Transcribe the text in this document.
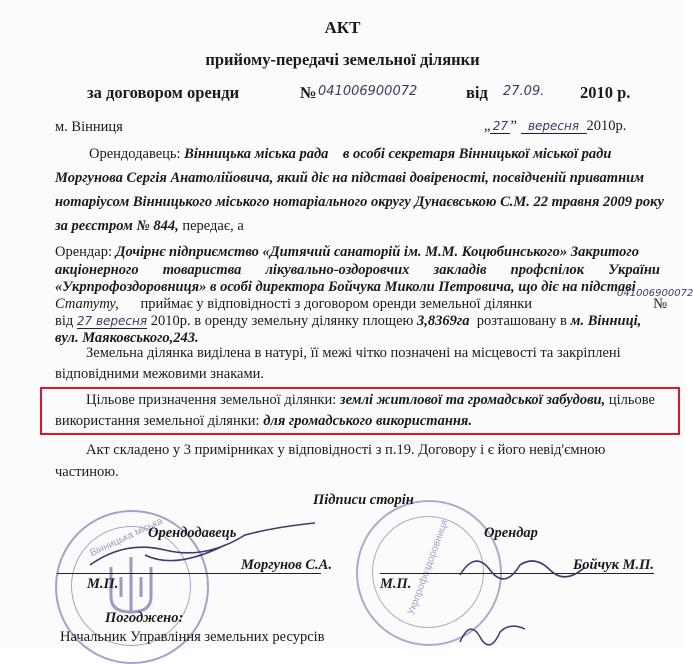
АКТ
прийому-передачі земельної ділянки
за договором оренди	№ 041006900072	від 27.09. 2010 р.
м. Вінниця	„ 27 ” вересня 2010р.
Орендодавець: Вінницька міська рада в особі секретаря Вінницької міської ради
Моргунова Сергія Анатолійовича, який діє на підставі довіреності, посвідченій приватним
нотаріусом Вінницького міського нотаріального округу Дунаєвською С.М. 22 травня 2009 року
за реєстром № 844, передає, а
Орендар: Дочірнє підприємство «Дитячий санаторій ім. М.М. Коцюбинського» Закритого
акціонерного товариства лікувально-оздоровчих закладів профспілок України
«Укрпрофоздоровниця» в особі директора Бойчука Миколи Петровича, що діє на підставі
Статуту, приймає у відповідності з договором оренди земельної ділянки	№
041006900072
від 27 вересня 2010р. в оренду земельну ділянку площею 3,8369га розташовану в м. Вінниці,
вул. Маяковського,243.
Земельна ділянка виділена в натурі, її межі чітко позначені на місцевості та закріплені
відповідними межовими знаками.
Цільове призначення земельної ділянки: землі житлової та громадської забудови, цільове
використання земельної ділянки: для громадського використання.
Акт складено у 3 примірниках у відповідності з п.19. Договору і є його невід'ємною
частиною.
Вінницька міська	Укрпрофоздоровниця
Підписи сторін
Орендодавець	Орендар
М.П.
Моргунов С.А.
М.П.
Бойчук М.П.
Погоджено:
Начальник Управління земельних ресурсів
